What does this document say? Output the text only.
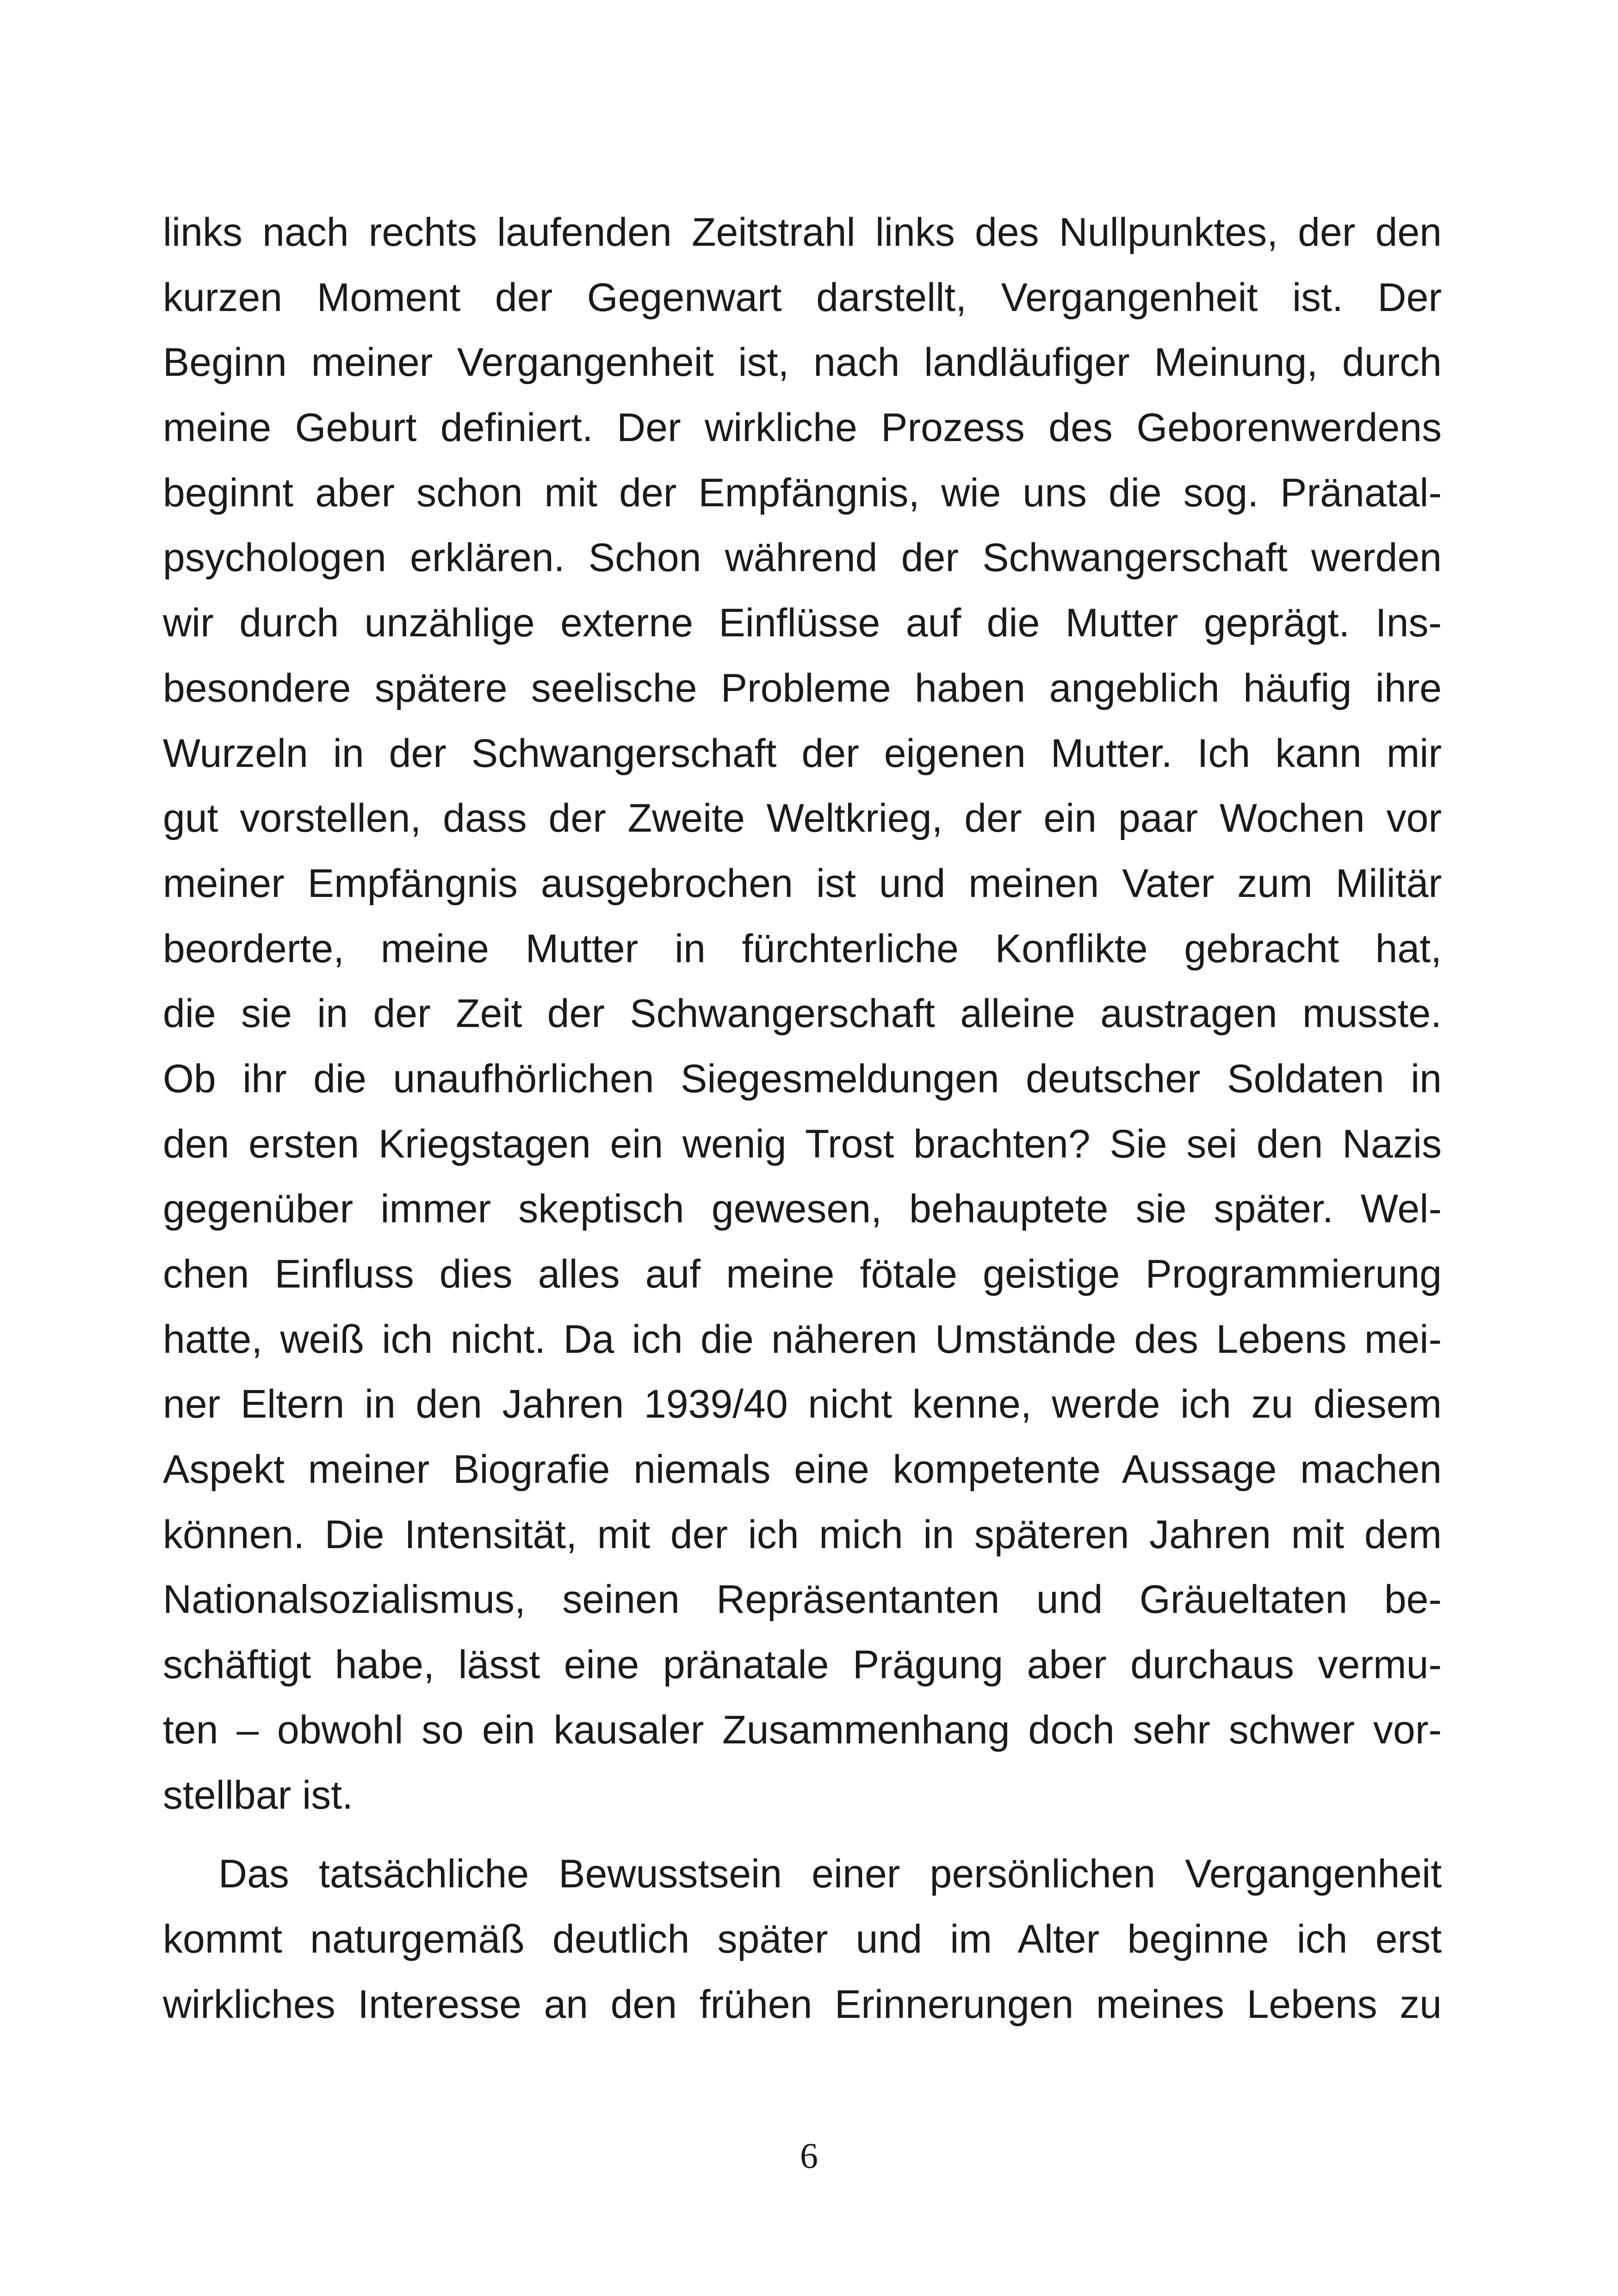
links nach rechts laufenden Zeitstrahl links des Nullpunktes, der den
kurzen Moment der Gegenwart darstellt, Vergangenheit ist. Der
Beginn meiner Vergangenheit ist, nach landläufiger Meinung, durch
meine Geburt definiert. Der wirkliche Prozess des Geborenwerdens
beginnt aber schon mit der Empfängnis, wie uns die sog. Pränatal-
psychologen erklären. Schon während der Schwangerschaft werden
wir durch unzählige externe Einflüsse auf die Mutter geprägt. Ins-
besondere spätere seelische Probleme haben angeblich häufig ihre
Wurzeln in der Schwangerschaft der eigenen Mutter. Ich kann mir
gut vorstellen, dass der Zweite Weltkrieg, der ein paar Wochen vor
meiner Empfängnis ausgebrochen ist und meinen Vater zum Militär
beorderte, meine Mutter in fürchterliche Konflikte gebracht hat,
die sie in der Zeit der Schwangerschaft alleine austragen musste.
Ob ihr die unaufhörlichen Siegesmeldungen deutscher Soldaten in
den ersten Kriegstagen ein wenig Trost brachten? Sie sei den Nazis
gegenüber immer skeptisch gewesen, behauptete sie später. Wel-
chen Einfluss dies alles auf meine fötale geistige Programmierung
hatte, weiß ich nicht. Da ich die näheren Umstände des Lebens mei-
ner Eltern in den Jahren 1939/40 nicht kenne, werde ich zu diesem
Aspekt meiner Biografie niemals eine kompetente Aussage machen
können. Die Intensität, mit der ich mich in späteren Jahren mit dem
Nationalsozialismus, seinen Repräsentanten und Gräueltaten be-
schäftigt habe, lässt eine pränatale Prägung aber durchaus vermu-
ten – obwohl so ein kausaler Zusammenhang doch sehr schwer vor-
stellbar ist.
Das tatsächliche Bewusstsein einer persönlichen Vergangenheit
kommt naturgemäß deutlich später und im Alter beginne ich erst
wirkliches Interesse an den frühen Erinnerungen meines Lebens zu
6
